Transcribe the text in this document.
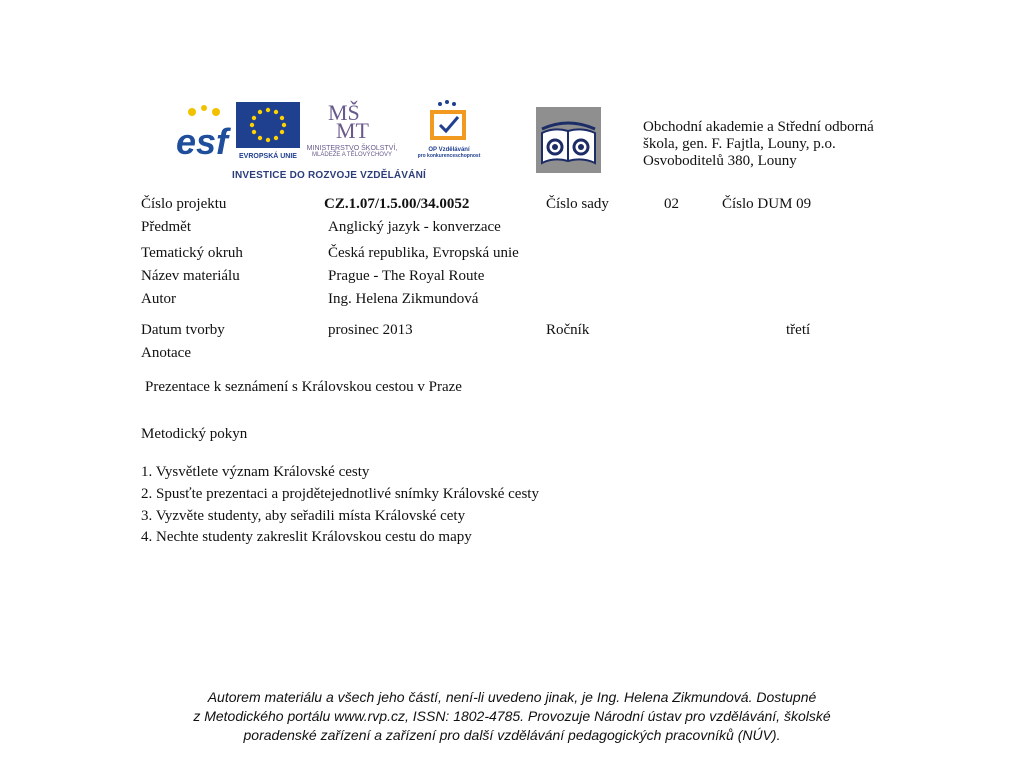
esf	EVROPSKÁ UNIE
MŠ
MT
MINISTERSTVO ŠKOLSTVÍ,
MLÁDEŽE A TĚLOVÝCHOVY
OP Vzdělávání
pro konkurenceschopnost
INVESTICE DO ROZVOJE VZDĚLÁVÁNÍ
Obchodní akademie a Střední odborná
škola, gen. F. Fajtla, Louny, p.o.
Osvoboditelů 380, Louny
Číslo projektu	CZ.1.07/1.5.00/34.0052	Číslo sady	02	Číslo DUM 09
Předmět	Anglický jazyk - konverzace
Tematický okruh	Česká republika, Evropská unie
Název materiálu	Prague - The Royal Route
Autor	Ing. Helena Zikmundová
Datum tvorby	prosinec 2013	Ročník	třetí
Anotace
Prezentace k seznámení s Královskou cestou v Praze
Metodický pokyn
1. Vysvětlete význam Královské cesty
2. Spusťte prezentaci a projdětejednotlivé snímky Královské cesty
3. Vyzvěte studenty, aby seřadili místa Královské cety
4. Nechte studenty zakreslit Královskou cestu do mapy
Autorem materiálu a všech jeho částí, není-li uvedeno jinak, je Ing. Helena Zikmundová. Dostupné
z Metodického portálu www.rvp.cz, ISSN: 1802-4785. Provozuje Národní ústav pro vzdělávání, školské
poradenské zařízení a zařízení pro další vzdělávání pedagogických pracovníků (NÚV).
